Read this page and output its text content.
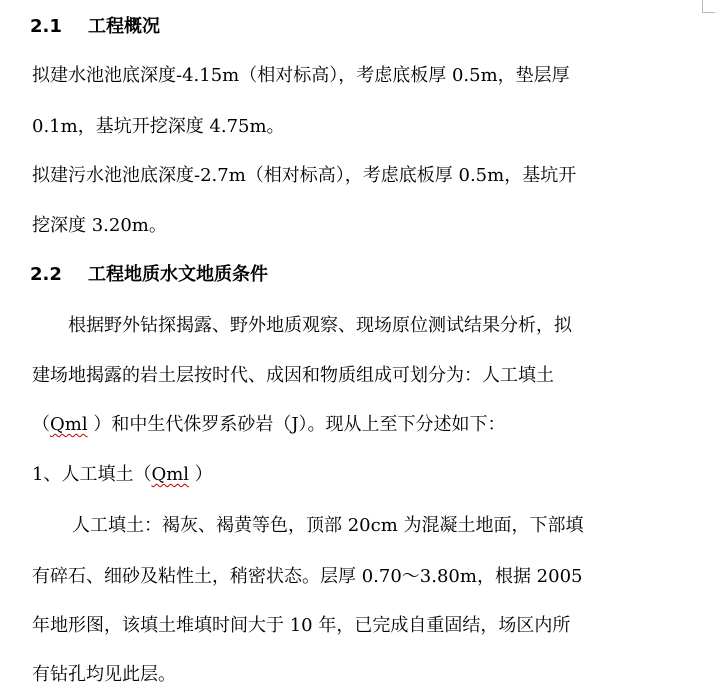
2.1 工程概况
拟建水池池底深度-4.15m（相对标高），考虑底板厚 0.5m，垫层厚
0.1m，基坑开挖深度 4.75m。
拟建污水池池底深度-2.7m（相对标高），考虑底板厚 0.5m，基坑开
挖深度 3.20m。
2.2 工程地质水文地质条件
根据野外钻探揭露、野外地质观察、现场原位测试结果分析，拟
建场地揭露的岩土层按时代、成因和物质组成可划分为：人工填土
（Qml ）和中生代侏罗系砂岩（J）。现从上至下分述如下：
1、人工填土（Qml ）
人工填土：褐灰、褐黄等色，顶部 20cm 为混凝土地面，下部填
有碎石、细砂及粘性土，稍密状态。层厚 0.70～3.80m，根据 2005
年地形图，该填土堆填时间大于 10 年，已完成自重固结，场区内所
有钻孔均见此层。
